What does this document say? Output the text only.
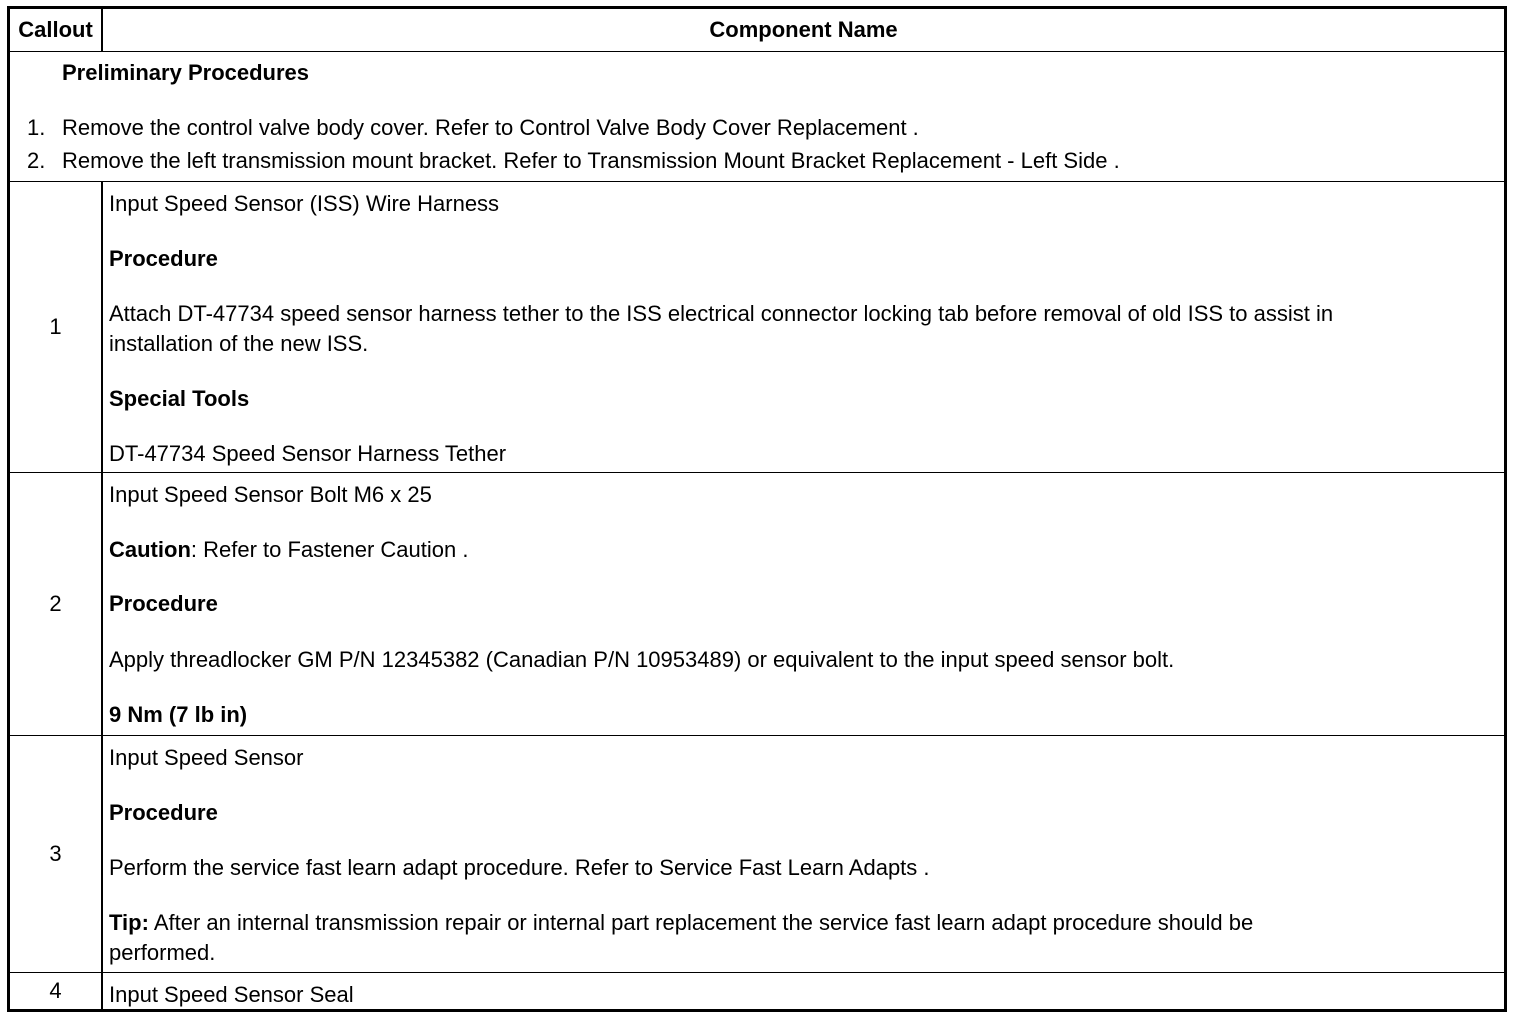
Callout	Component Name
Preliminary Procedures
1. Remove the control valve body cover. Refer to Control Valve Body Cover Replacement .
2. Remove the left transmission mount bracket. Refer to Transmission Mount Bracket Replacement - Left Side .
1
Input Speed Sensor (ISS) Wire Harness
Procedure
Attach DT-47734 speed sensor harness tether to the ISS electrical connector locking tab before removal of old ISS to assist in
installation of the new ISS.
Special Tools
DT-47734 Speed Sensor Harness Tether
2
Input Speed Sensor Bolt M6 x 25
Caution: Refer to Fastener Caution .
Procedure
Apply threadlocker GM P/N 12345382 (Canadian P/N 10953489) or equivalent to the input speed sensor bolt.
9 Nm (7 lb in)
3
Input Speed Sensor
Procedure
Perform the service fast learn adapt procedure. Refer to Service Fast Learn Adapts .
Tip: After an internal transmission repair or internal part replacement the service fast learn adapt procedure should be
performed.
4 Input Speed Sensor Seal
